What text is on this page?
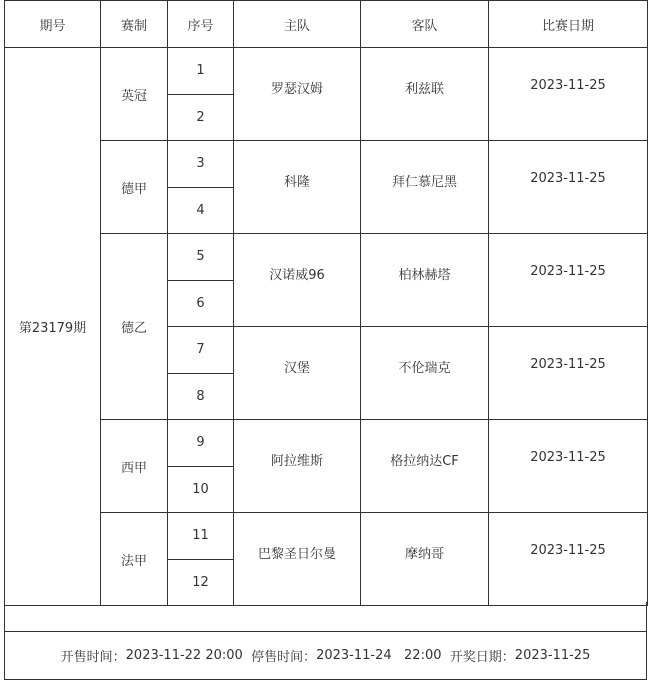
期号	赛制	序号	主队	客队	比赛日期
第23179期	英冠	1	罗瑟汉姆	利兹联	2023-11-25
		2			
	德甲	3	科隆	拜仁慕尼黑	2023-11-25
		4			
	德乙	5	汉诺威96	柏林赫塔	2023-11-25
		6			
		7	汉堡	不伦瑞克	2023-11-25
		8			
	西甲	9	阿拉维斯	格拉纳达CF	2023-11-25
		10			
	法甲	11	巴黎圣日尔曼	摩纳哥	2023-11-25
		12			
开售时间： 2023-11-22 20:00
停售时间： 2023-11-24   22:00
开奖日期： 2023-11-25
